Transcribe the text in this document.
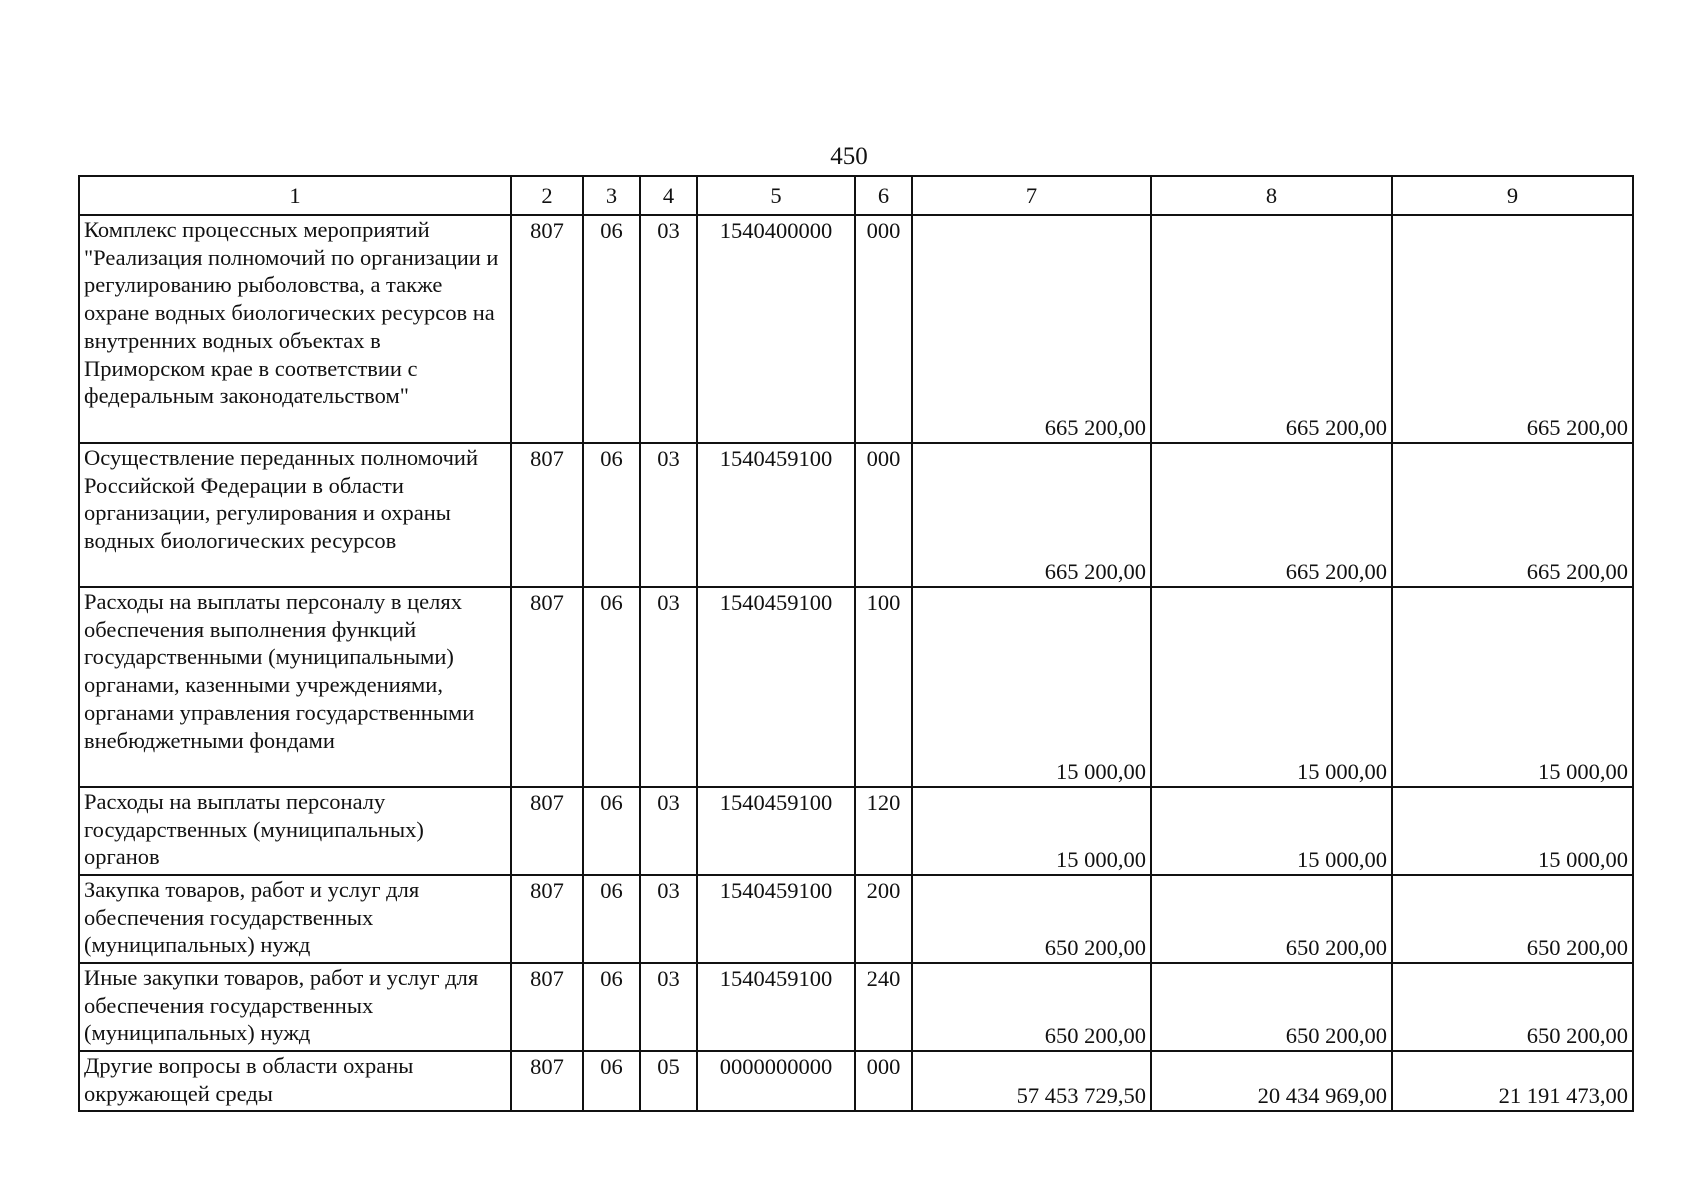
450
1	2	3	4	5	6	7	8	9
Комплекс процессных мероприятий "Реализация полномочий по организации и регулированию рыболовства, а также охране водных биологических ресурсов на внутренних водных объектах в Приморском крае в соответствии с федеральным законодательством"	807	06	03	1540400000	000	665 200,00	665 200,00	665 200,00
Осуществление переданных полномочий Российской Федерации в области организации, регулирования и охраны водных биологических ресурсов	807	06	03	1540459100	000	665 200,00	665 200,00	665 200,00
Расходы на выплаты персоналу в целях обеспечения выполнения функций государственными (муниципальными) органами, казенными учреждениями, органами управления государственными внебюджетными фондами	807	06	03	1540459100	100	15 000,00	15 000,00	15 000,00
Расходы на выплаты персоналу государственных (муниципальных) органов	807	06	03	1540459100	120	15 000,00	15 000,00	15 000,00
Закупка товаров, работ и услуг для обеспечения государственных (муниципальных) нужд	807	06	03	1540459100	200	650 200,00	650 200,00	650 200,00
Иные закупки товаров, работ и услуг для обеспечения государственных (муниципальных) нужд	807	06	03	1540459100	240	650 200,00	650 200,00	650 200,00
Другие вопросы в области охраны окружающей среды	807	06	05	0000000000	000	57 453 729,50	20 434 969,00	21 191 473,00
